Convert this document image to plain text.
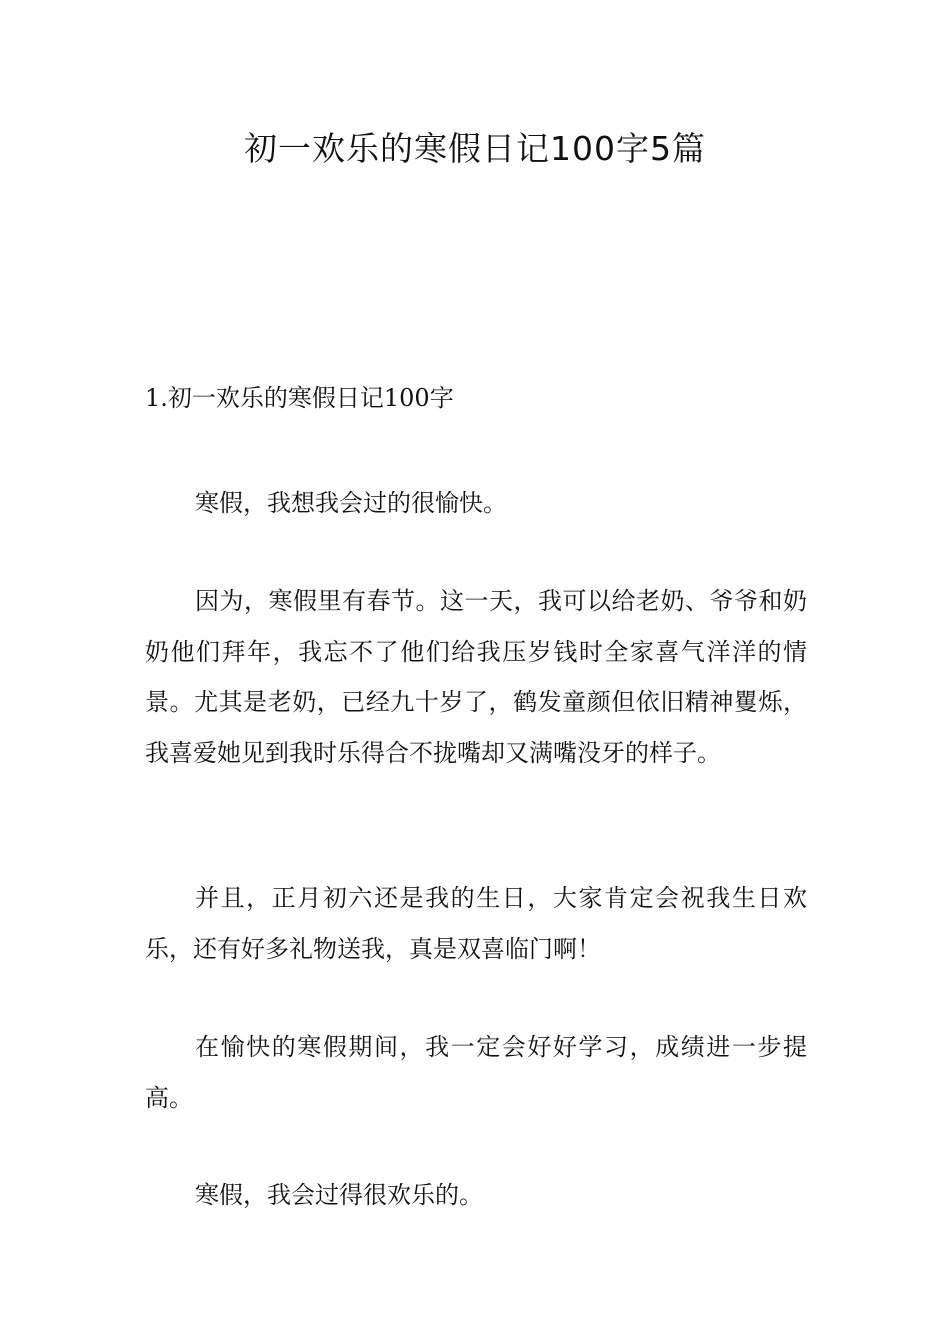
初一欢乐的寒假日记100字5篇
1.初一欢乐的寒假日记100字

寒假，我想我会过的很愉快。

因为，寒假里有春节。这一天，我可以给老奶、爷爷和奶奶他们拜年，我忘不了他们给我压岁钱时全家喜气洋洋的情景。尤其是老奶，已经九十岁了，鹤发童颜但依旧精神矍烁，我喜爱她见到我时乐得合不拢嘴却又满嘴没牙的样子。

并且，正月初六还是我的生日，大家肯定会祝我生日欢乐，还有好多礼物送我，真是双喜临门啊！

在愉快的寒假期间，我一定会好好学习，成绩进一步提高。

寒假，我会过得很欢乐的。
